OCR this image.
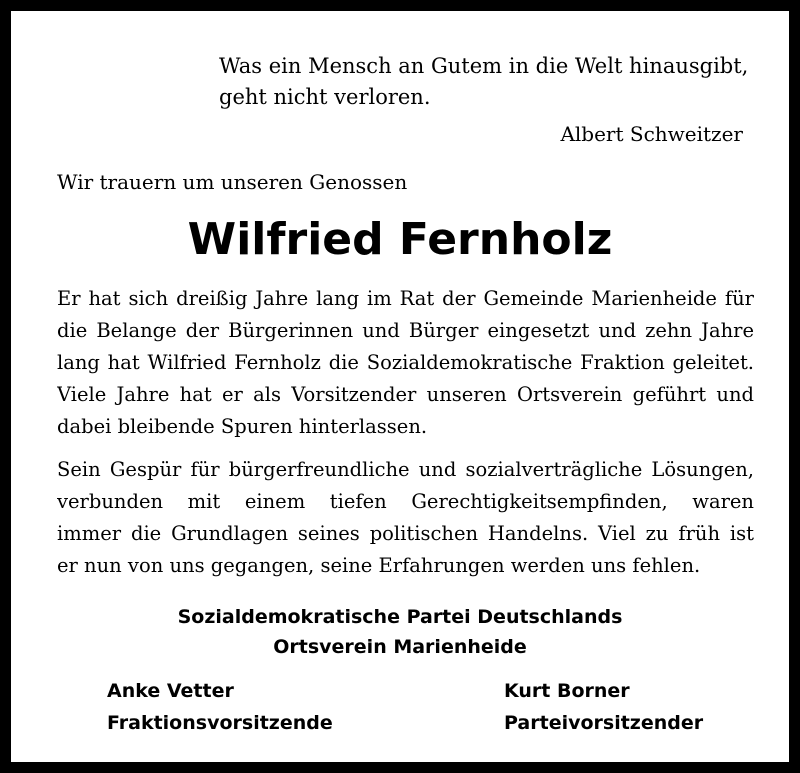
Was ein Mensch an Gutem in die Welt hinausgibt,
geht nicht verloren.
Albert Schweitzer
Wir trauern um unseren Genossen
Wilfried Fernholz
Er hat sich dreißig Jahre lang im Rat der Gemeinde Marienheide für
die Belange der Bürgerinnen und Bürger eingesetzt und zehn Jahre
lang hat Wilfried Fernholz die Sozialdemokratische Fraktion geleitet.
Viele Jahre hat er als Vorsitzender unseren Ortsverein geführt und
dabei bleibende Spuren hinterlassen.
Sein Gespür für bürgerfreundliche und sozialverträgliche Lösungen,
verbunden mit einem tiefen Gerechtigkeitsempfinden, waren
immer die Grundlagen seines politischen Handelns. Viel zu früh ist
er nun von uns gegangen, seine Erfahrungen werden uns fehlen.
Sozialdemokratische Partei Deutschlands
Ortsverein Marienheide
Anke Vetter
Fraktionsvorsitzende
Kurt Borner
Parteivorsitzender
